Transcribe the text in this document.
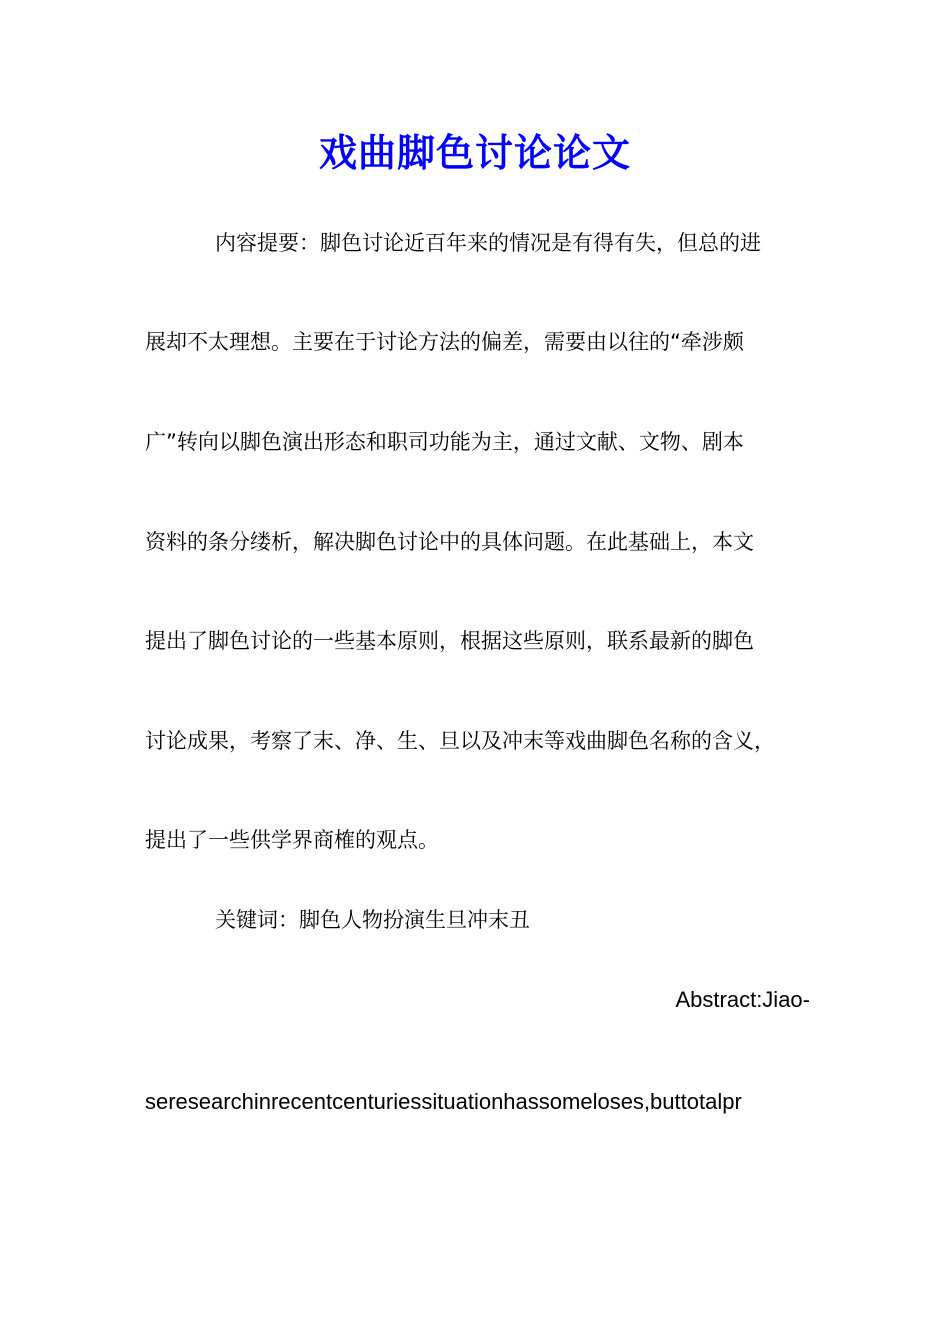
戏曲脚色讨论论文

内容提要：脚色讨论近百年来的情况是有得有失，但总的进

展却不太理想。主要在于讨论方法的偏差，需要由以往的“牵涉颇

广”转向以脚色演出形态和职司功能为主，通过文献、文物、剧本

资料的条分缕析，解决脚色讨论中的具体问题。在此基础上，本文

提出了脚色讨论的一些基本原则，根据这些原则，联系最新的脚色

讨论成果，考察了末、净、生、旦以及冲末等戏曲脚色名称的含义，

提出了一些供学界商榷的观点。

关键词：脚色人物扮演生旦冲末丑

Abstract:Jiao-

seresearchinrecentcenturiessituationhassomeloses,buttotalpr
